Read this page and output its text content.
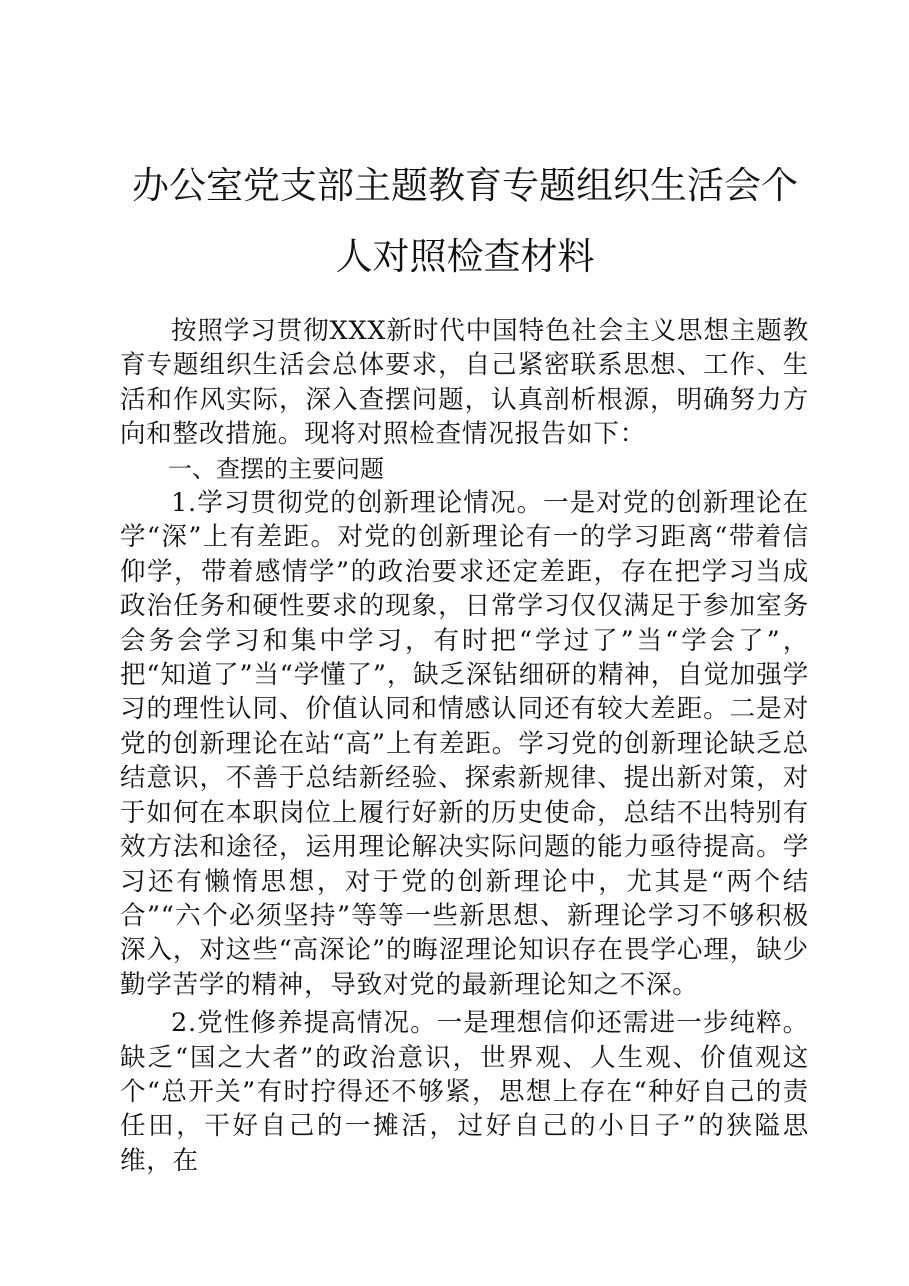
办公室党支部主题教育专题组织生活会个人对照检查材料

按照学习贯彻XXX新时代中国特色社会主义思想主题教育专题组织生活会总体要求，自己紧密联系思想、工作、生活和作风实际，深入查摆问题，认真剖析根源，明确努力方向和整改措施。现将对照检查情况报告如下：

一、查摆的主要问题

1.学习贯彻党的创新理论情况。一是对党的创新理论在学“深”上有差距。对党的创新理论有一的学习距离“带着信仰学，带着感情学”的政治要求还定差距，存在把学习当成政治任务和硬性要求的现象，日常学习仅仅满足于参加室务会务会学习和集中学习，有时把“学过了”当“学会了”，把“知道了”当“学懂了”，缺乏深钻细研的精神，自觉加强学习的理性认同、价值认同和情感认同还有较大差距。二是对党的创新理论在站“高”上有差距。学习党的创新理论缺乏总结意识，不善于总结新经验、探索新规律、提出新对策，对于如何在本职岗位上履行好新的历史使命，总结不出特别有效方法和途径，运用理论解决实际问题的能力亟待提高。学习还有懒惰思想，对于党的创新理论中，尤其是“两个结合”“六个必须坚持”等等一些新思想、新理论学习不够积极深入，对这些“高深论”的晦涩理论知识存在畏学心理，缺少勤学苦学的精神，导致对党的最新理论知之不深。

2.党性修养提高情况。一是理想信仰还需进一步纯粹。缺乏“国之大者”的政治意识，世界观、人生观、价值观这个“总开关”有时拧得还不够紧，思想上存在“种好自己的责任田，干好自己的一摊活，过好自己的小日子”的狭隘思维，在
